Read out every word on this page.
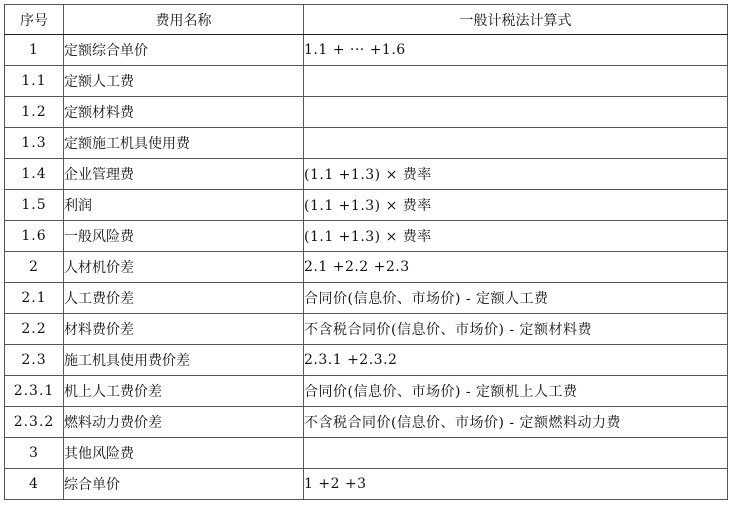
序号	费用名称	一般计税法计算式
1	定额综合单价	1.1 + ··· +1.6
1.1	定额人工费	
1.2	定额材料费	
1.3	定额施工机具使用费	
1.4	企业管理费	(1.1 +1.3) × 费率
1.5	利润	(1.1 +1.3) × 费率
1.6	一般风险费	(1.1 +1.3) × 费率
2	人材机价差	2.1 +2.2 +2.3
2.1	人工费价差	合同价(信息价、市场价) - 定额人工费
2.2	材料费价差	不含税合同价(信息价、市场价) - 定额材料费
2.3	施工机具使用费价差	2.3.1 +2.3.2
2.3.1	机上人工费价差	合同价(信息价、市场价) - 定额机上人工费
2.3.2	燃料动力费价差	不含税合同价(信息价、市场价) - 定额燃料动力费
3	其他风险费	
4	综合单价	1 +2 +3
